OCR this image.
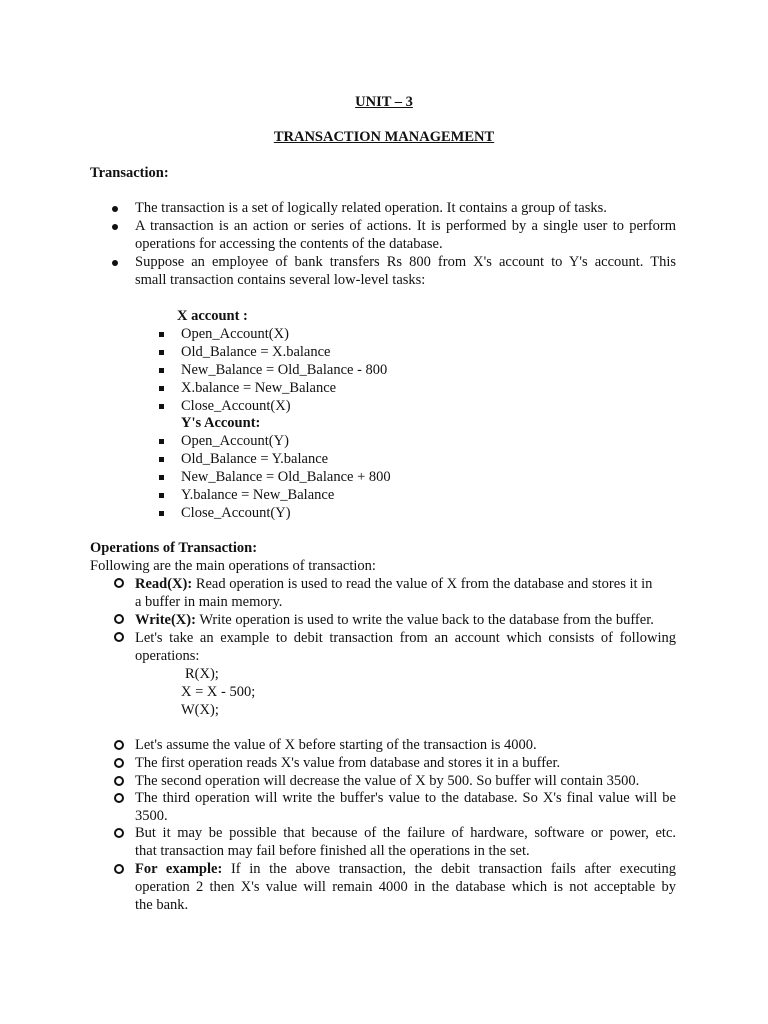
UNIT – 3
TRANSACTION MANAGEMENT
Transaction:
The transaction is a set of logically related operation. It contains a group of tasks.
A transaction is an action or series of actions. It is performed by a single user to perform
operations for accessing the contents of the database.
Suppose an employee of bank transfers Rs 800 from X's account to Y's account. This
small transaction contains several low-level tasks:
X account :
Open_Account(X)
Old_Balance = X.balance
New_Balance = Old_Balance - 800
X.balance = New_Balance
Close_Account(X)
Y's Account:
Open_Account(Y)
Old_Balance = Y.balance
New_Balance = Old_Balance + 800
Y.balance = New_Balance
Close_Account(Y)
Operations of Transaction:
Following are the main operations of transaction:
Read(X): Read operation is used to read the value of X from the database and stores it in
a buffer in main memory.
Write(X): Write operation is used to write the value back to the database from the buffer.
Let's take an example to debit transaction from an account which consists of following
operations:
R(X);
X = X - 500;
W(X);
Let's assume the value of X before starting of the transaction is 4000.
The first operation reads X's value from database and stores it in a buffer.
The second operation will decrease the value of X by 500. So buffer will contain 3500.
The third operation will write the buffer's value to the database. So X's final value will be
3500.
But it may be possible that because of the failure of hardware, software or power, etc.
that transaction may fail before finished all the operations in the set.
For example: If in the above transaction, the debit transaction fails after executing
operation 2 then X's value will remain 4000 in the database which is not acceptable by
the bank.
